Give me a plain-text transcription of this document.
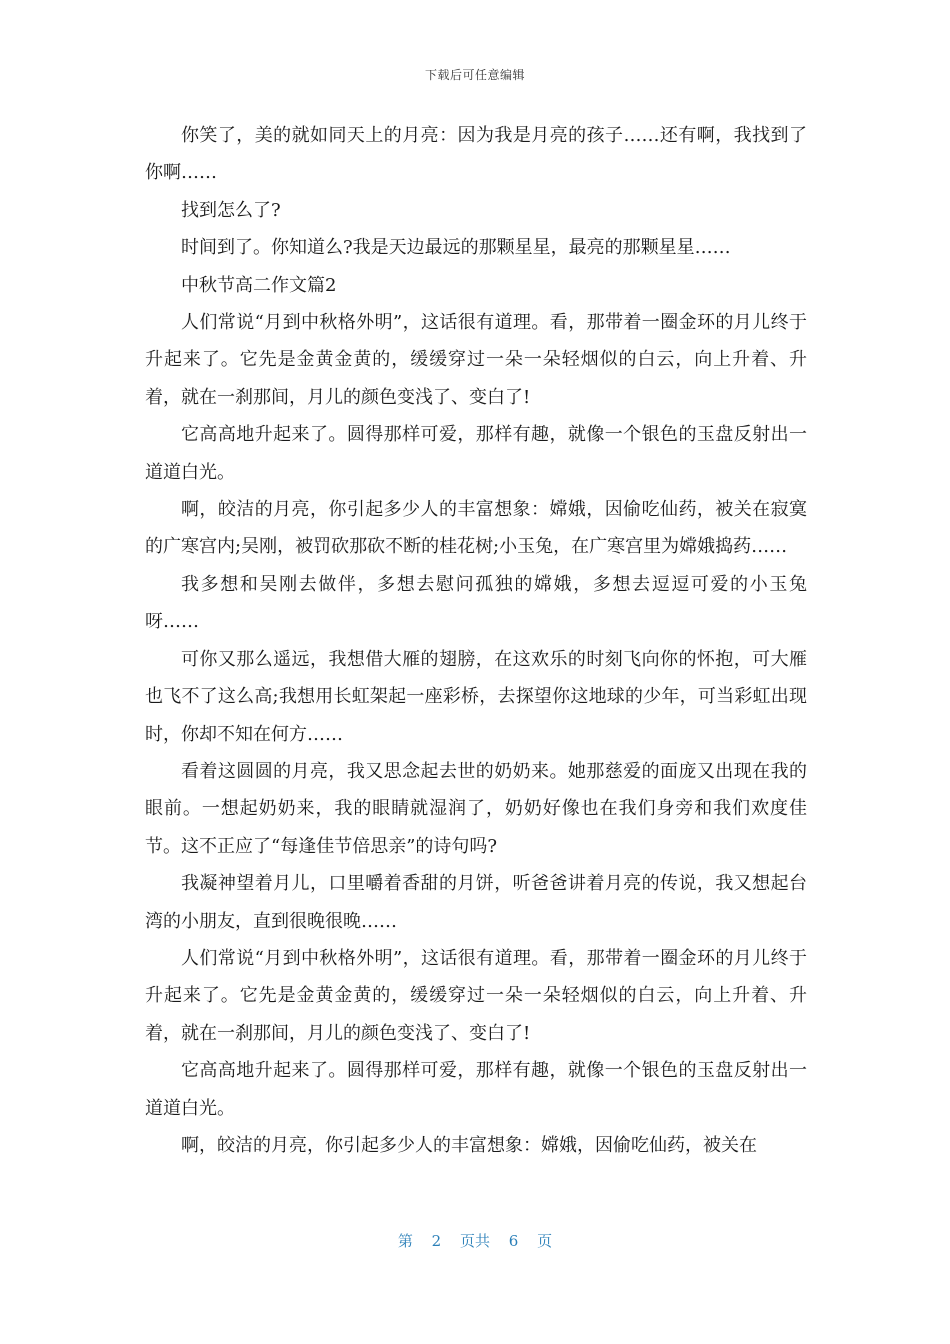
下载后可任意编辑

你笑了，美的就如同天上的月亮：因为我是月亮的孩子……还有啊，我找到了你啊……

找到怎么了?

时间到了。你知道么?我是天边最远的那颗星星，最亮的那颗星星……

中秋节高二作文篇2

人们常说“月到中秋格外明”，这话很有道理。看，那带着一圈金环的月儿终于升起来了。它先是金黄金黄的，缓缓穿过一朵一朵轻烟似的白云，向上升着、升着，就在一刹那间，月儿的颜色变浅了、变白了!

它高高地升起来了。圆得那样可爱，那样有趣，就像一个银色的玉盘反射出一道道白光。

啊，皎洁的月亮，你引起多少人的丰富想象：嫦娥，因偷吃仙药，被关在寂寞的广寒宫内;吴刚，被罚砍那砍不断的桂花树;小玉兔，在广寒宫里为嫦娥捣药……

我多想和吴刚去做伴，多想去慰问孤独的嫦娥，多想去逗逗可爱的小玉兔呀……

可你又那么遥远，我想借大雁的翅膀，在这欢乐的时刻飞向你的怀抱，可大雁也飞不了这么高;我想用长虹架起一座彩桥，去探望你这地球的少年，可当彩虹出现时，你却不知在何方……

看着这圆圆的月亮，我又思念起去世的奶奶来。她那慈爱的面庞又出现在我的眼前。一想起奶奶来，我的眼睛就湿润了，奶奶好像也在我们身旁和我们欢度佳节。这不正应了“每逢佳节倍思亲”的诗句吗?

我凝神望着月儿，口里嚼着香甜的月饼，听爸爸讲着月亮的传说，我又想起台湾的小朋友，直到很晚很晚……

人们常说“月到中秋格外明”，这话很有道理。看，那带着一圈金环的月儿终于升起来了。它先是金黄金黄的，缓缓穿过一朵一朵轻烟似的白云，向上升着、升着，就在一刹那间，月儿的颜色变浅了、变白了!

它高高地升起来了。圆得那样可爱，那样有趣，就像一个银色的玉盘反射出一道道白光。

啊，皎洁的月亮，你引起多少人的丰富想象：嫦娥，因偷吃仙药，被关在

第 2 页共 6 页
